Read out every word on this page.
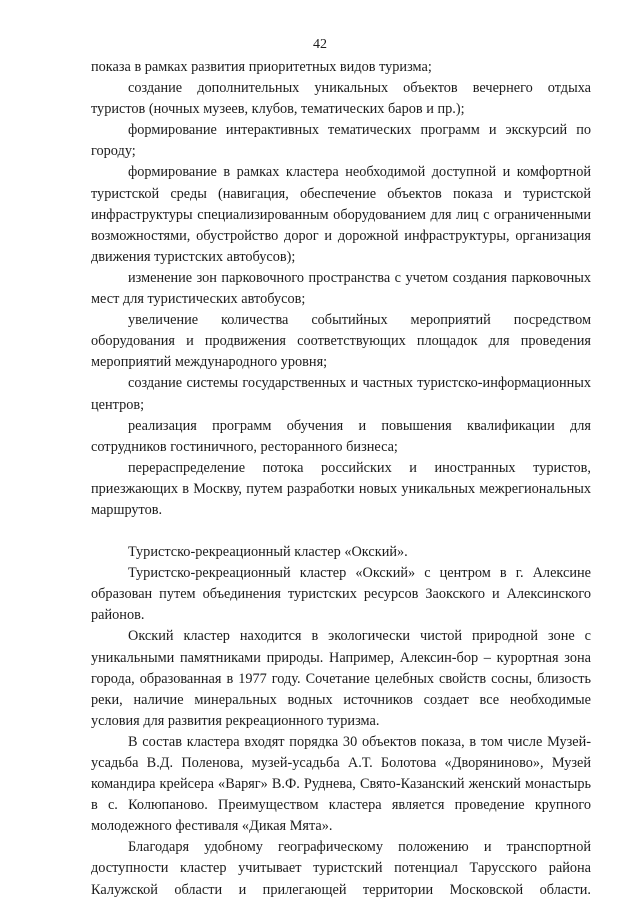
42

показа в рамках развития приоритетных видов туризма;

создание дополнительных уникальных объектов вечернего отдыха туристов (ночных музеев, клубов, тематических баров и пр.);

формирование интерактивных тематических программ и экскурсий по городу;

формирование в рамках кластера необходимой доступной и комфортной туристской среды (навигация, обеспечение объектов показа и туристской инфраструктуры специализированным оборудованием для лиц с ограниченными возможностями, обустройство дорог и дорожной инфраструктуры, организация движения туристских автобусов);

изменение зон парковочного пространства с учетом создания парковочных мест для туристических автобусов;

увеличение количества событийных мероприятий посредством оборудования и продвижения соответствующих площадок для проведения мероприятий международного уровня;

создание системы государственных и частных туристско-информационных центров;

реализация программ обучения и повышения квалификации для сотрудников гостиничного, ресторанного бизнеса;

перераспределение потока российских и иностранных туристов, приезжающих в Москву, путем разработки новых уникальных межрегиональных маршрутов.

Туристско-рекреационный кластер «Окский».

Туристско-рекреационный кластер «Окский» с центром в г. Алексине образован путем объединения туристских ресурсов Заокского и Алексинского районов.

Окский кластер находится в экологически чистой природной зоне с уникальными памятниками природы. Например, Алексин-бор – курортная зона города, образованная в 1977 году. Сочетание целебных свойств сосны, близость реки, наличие минеральных водных источников создает все необходимые условия для развития рекреационного туризма.

В состав кластера входят порядка 30 объектов показа, в том числе Музей-усадьба В.Д. Поленова, музей-усадьба А.Т. Болотова «Дворяниново», Музей командира крейсера «Варяг» В.Ф. Руднева, Свято-Казанский женский монастырь в с. Колюпаново. Преимуществом кластера является проведение крупного молодежного фестиваля «Дикая Мята».

Благодаря удобному географическому положению и транспортной доступности кластер учитывает туристский потенциал Тарусского района Калужской области и прилегающей территории Московской области.
